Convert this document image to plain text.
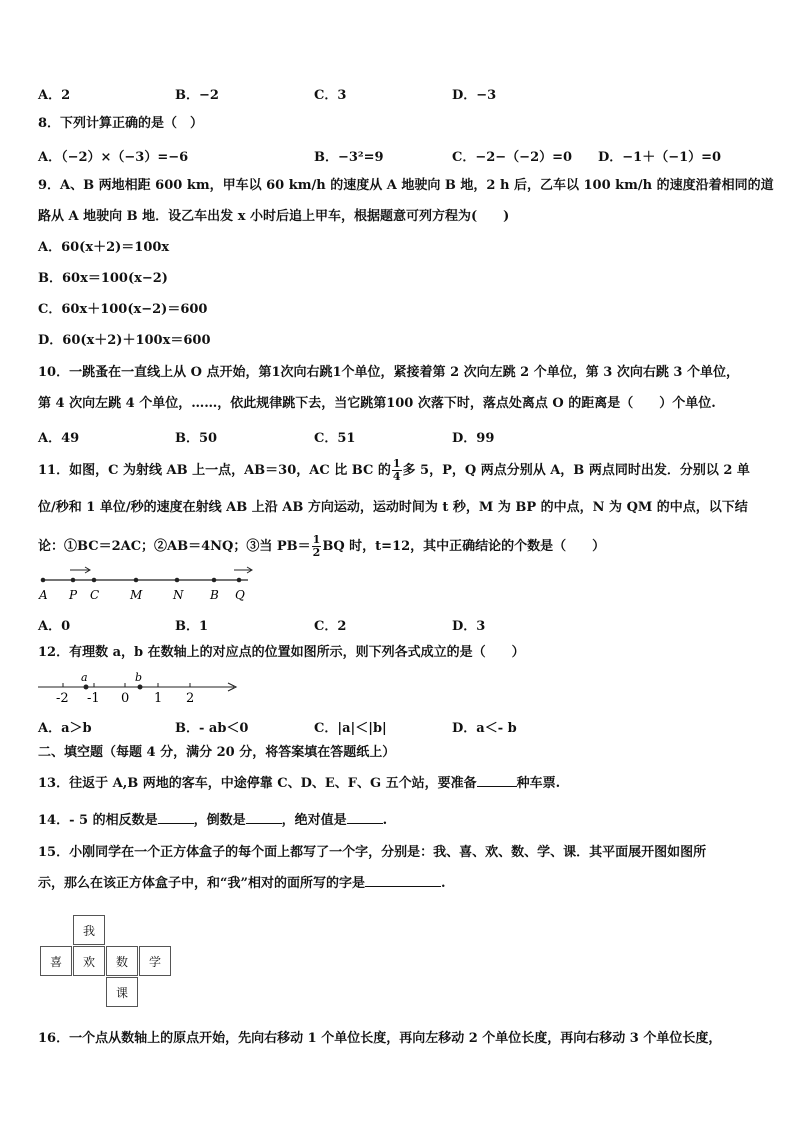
A．2	B．−2	C．3	D．−3
8．下列计算正确的是（　）
A．（−2）×（−3）=−6	B．−3²=9	C．−2−（−2）=0 D．−1＋（−1）=0
9．A、B 两地相距 600 km，甲车以 60 km/h 的速度从 A 地驶向 B 地，2 h 后，乙车以 100 km/h 的速度沿着相同的道
路从 A 地驶向 B 地．设乙车出发 x 小时后追上甲车，根据题意可列方程为(　　)
A．60(x＋2)＝100x
B．60x＝100(x−2)
C．60x＋100(x−2)＝600
D．60(x＋2)＋100x＝600
10．一跳蚤在一直线上从 O 点开始，第1次向右跳1个单位，紧接着第 2 次向左跳 2 个单位，第 3 次向右跳 3 个单位，
第 4 次向左跳 4 个单位，……，依此规律跳下去，当它跳第100 次落下时，落点处离点 O 的距离是（　　）个单位.
A．49	B．50	C．51	D．99
11．如图，C 为射线 AB 上一点，AB＝30，AC 比 BC 的 $\frac{1}{4}$ 多 5，P，Q 两点分别从 A，B 两点同时出发．分别以 2 单
位/秒和 1 单位/秒的速度在射线 AB 上沿 AB 方向运动，运动时间为 t 秒，M 为 BP 的中点，N 为 QM 的中点，以下结
论：①BC＝2AC；②AB＝4NQ；③当 $PB= \frac{1}{2}$ BQ 时，t=12，其中正确结论的个数是（　　）
A P C	M	N B Q
A．0	B．1	C．2	D．3
12．有理数 a，b 在数轴上的对应点的位置如图所示，则下列各式成立的是（　　）
a	b
-2 -1 0 1 2
A．a＞b	B．- ab＜0	C．|a|＜|b|	D．a＜- b
二、填空题（每题 4 分，满分 20 分，将答案填在答题纸上）
13．往返于 A,B 两地的客车，中途停靠 C、D、E、F、G 五个站，要准备	种车票.
14．- 5 的相反数是	，倒数是	，绝对值是	.
15．小刚同学在一个正方体盒子的每个面上都写了一个字，分别是：我、喜、欢、数、学、课．其平面展开图如图所
示，那么在该正方体盒子中，和“我”相对的面所写的字是	.
我
喜	欢	数	学
课
16．一个点从数轴上的原点开始，先向右移动 1 个单位长度，再向左移动 2 个单位长度，再向右移动 3 个单位长度，
